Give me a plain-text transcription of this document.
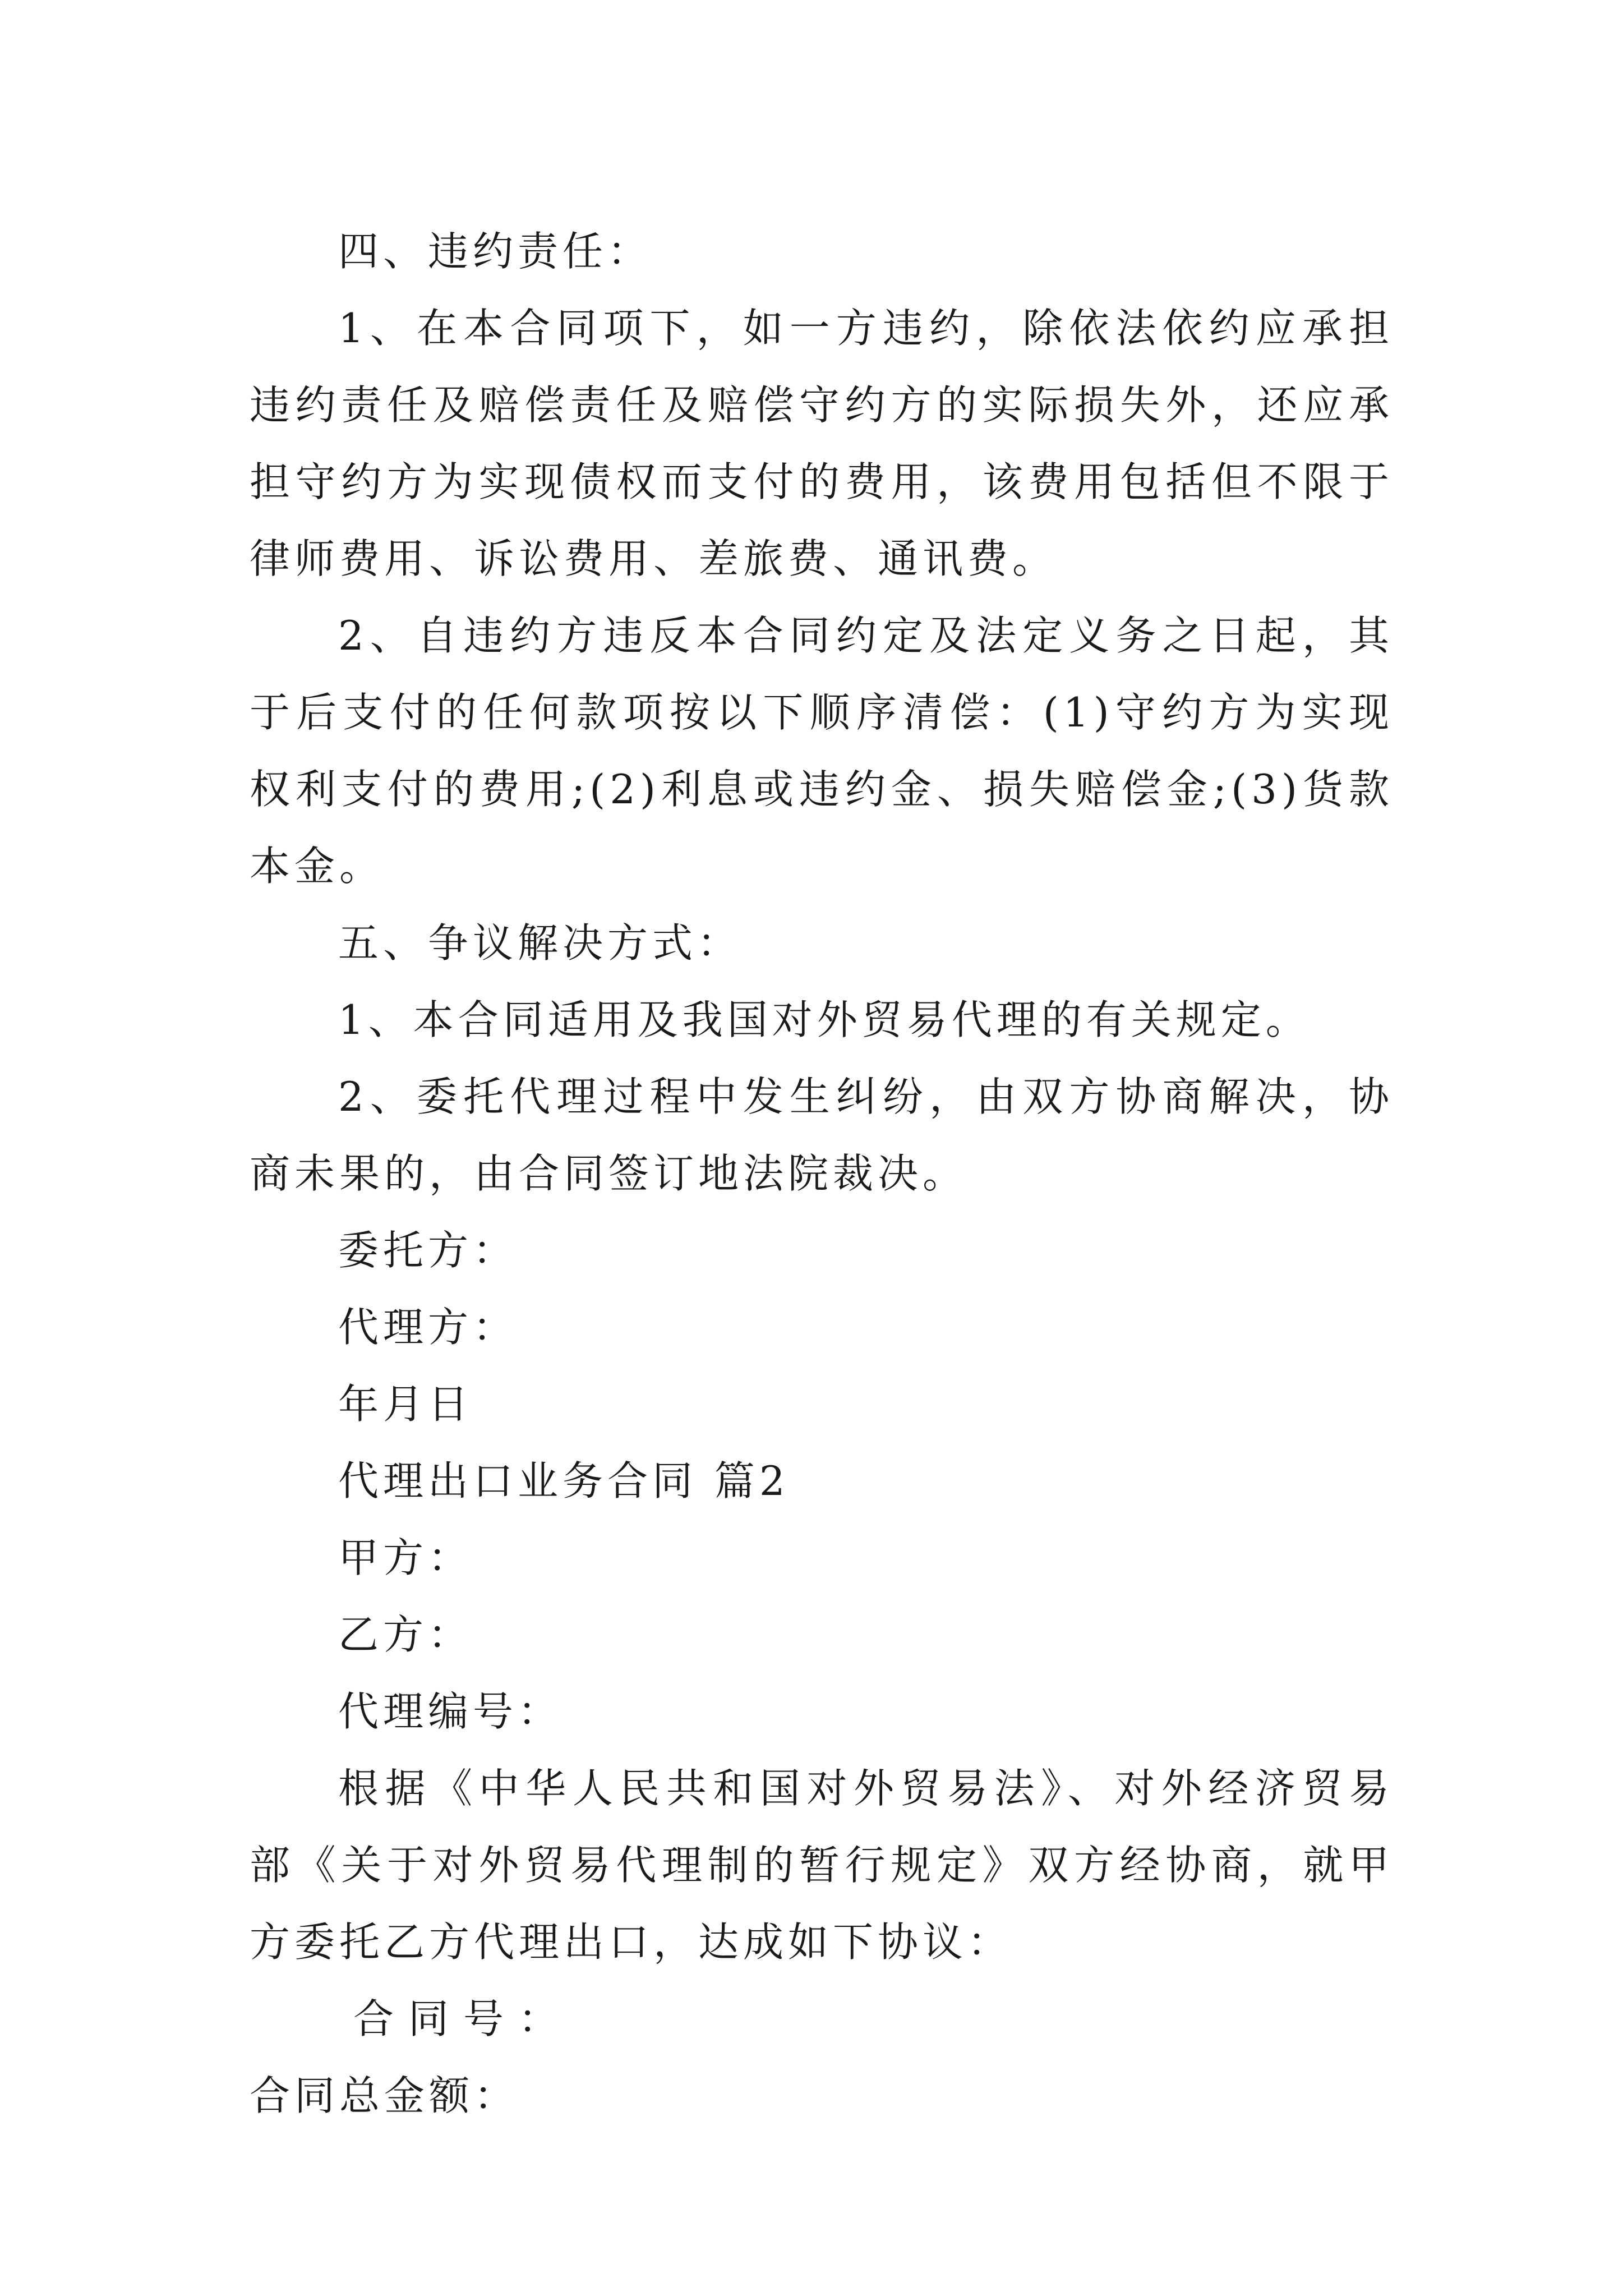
四、违约责任：

1、在本合同项下，如一方违约，除依法依约应承担违约责任及赔偿责任及赔偿守约方的实际损失外，还应承担守约方为实现债权而支付的费用，该费用包括但不限于律师费用、诉讼费用、差旅费、通讯费。

2、自违约方违反本合同约定及法定义务之日起，其于后支付的任何款项按以下顺序清偿：(1)守约方为实现权利支付的费用;(2)利息或违约金、损失赔偿金;(3)货款本金。

五、争议解决方式：

1、本合同适用及我国对外贸易代理的有关规定。

2、委托代理过程中发生纠纷，由双方协商解决，协商未果的，由合同签订地法院裁决。

委托方：

代理方：

年月日

代理出口业务合同 篇2

甲方：

乙方：

代理编号：

根据《中华人民共和国对外贸易法》、对外经济贸易部《关于对外贸易代理制的暂行规定》双方经协商，就甲方委托乙方代理出口，达成如下协议：

合同号：

合同总金额：
